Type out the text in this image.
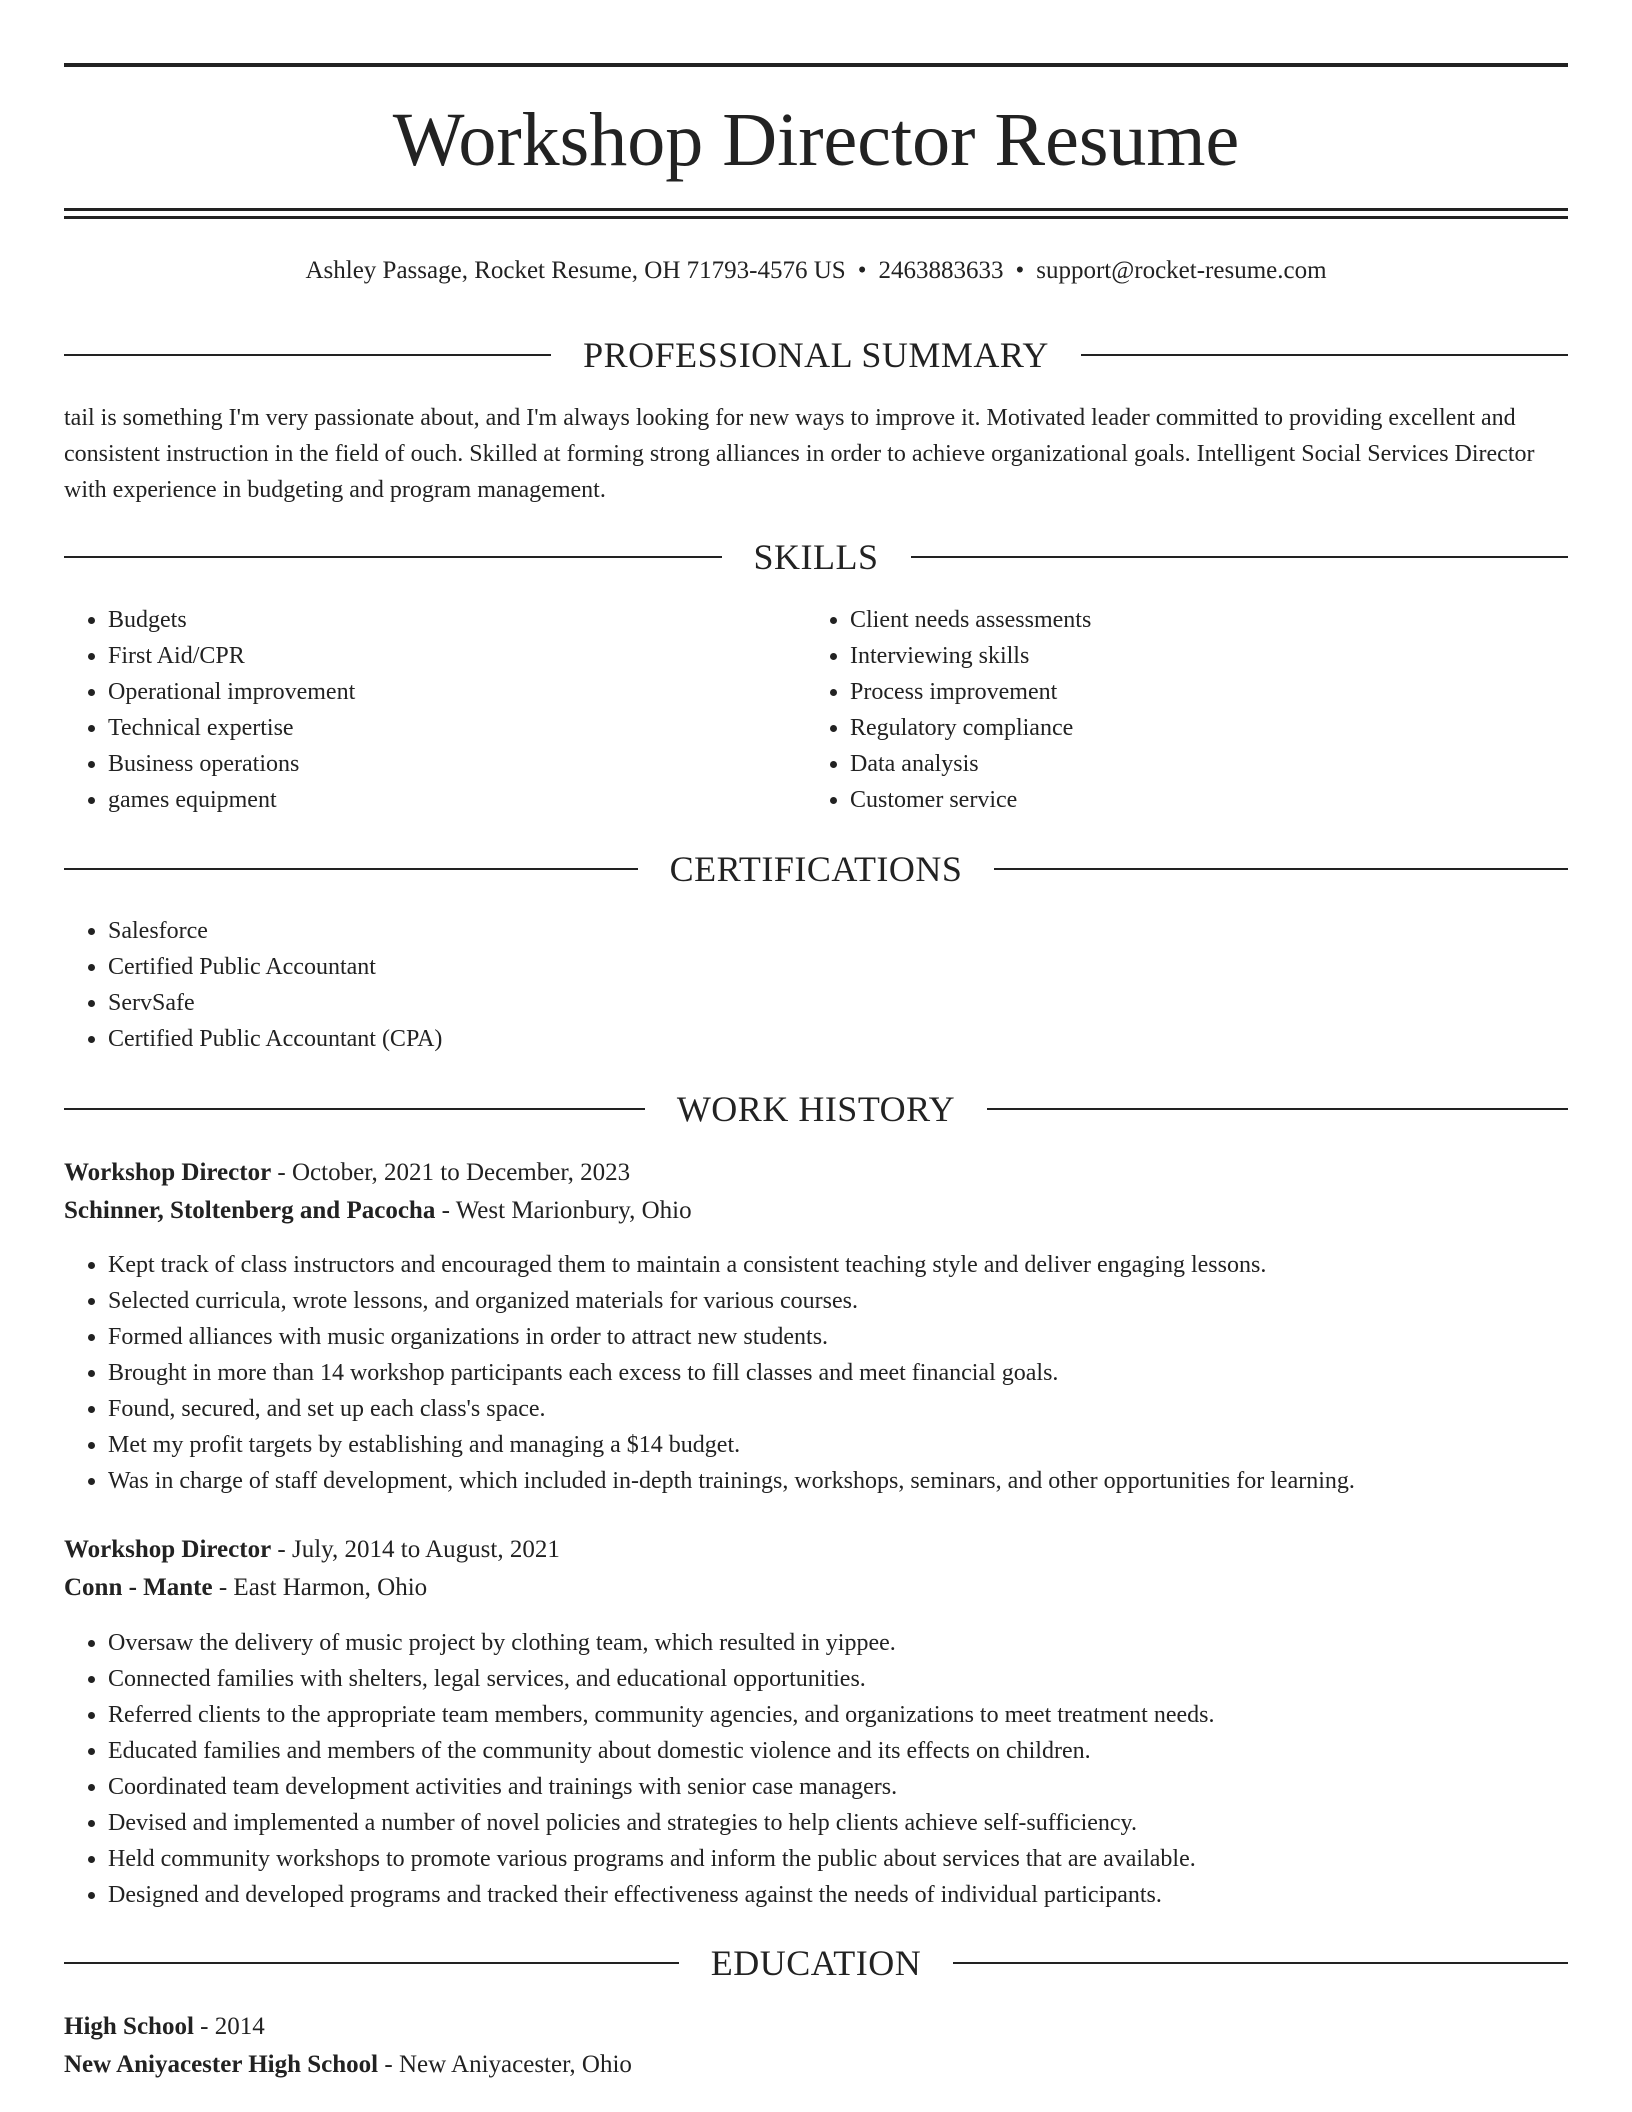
Workshop Director Resume
Ashley Passage, Rocket Resume, OH 71793-4576 US • 2463883633 • support@rocket-resume.com
PROFESSIONAL SUMMARY

tail is something I'm very passionate about, and I'm always looking for new ways to improve it. Motivated leader committed to providing excellent and consistent instruction in the field of ouch. Skilled at forming strong alliances in order to achieve organizational goals. Intelligent Social Services Director with experience in budgeting and program management.

SKILLS
• Budgets
• First Aid/CPR
• Operational improvement
• Technical expertise
• Business operations
• games equipment
• Client needs assessments
• Interviewing skills
• Process improvement
• Regulatory compliance
• Data analysis
• Customer service
CERTIFICATIONS
• Salesforce
• Certified Public Accountant
• ServSafe
• Certified Public Accountant (CPA)
WORK HISTORY

Workshop Director - October, 2021 to December, 2023

Schinner, Stoltenberg and Pacocha - West Marionbury, Ohio

• Kept track of class instructors and encouraged them to maintain a consistent teaching style and deliver engaging lessons.
• Selected curricula, wrote lessons, and organized materials for various courses.
• Formed alliances with music organizations in order to attract new students.
• Brought in more than 14 workshop participants each excess to fill classes and meet financial goals.
• Found, secured, and set up each class's space.
• Met my profit targets by establishing and managing a $14 budget.
• Was in charge of staff development, which included in-depth trainings, workshops, seminars, and other opportunities for learning.

Workshop Director - July, 2014 to August, 2021

Conn - Mante - East Harmon, Ohio

• Oversaw the delivery of music project by clothing team, which resulted in yippee.
• Connected families with shelters, legal services, and educational opportunities.
• Referred clients to the appropriate team members, community agencies, and organizations to meet treatment needs.
• Educated families and members of the community about domestic violence and its effects on children.
• Coordinated team development activities and trainings with senior case managers.
• Devised and implemented a number of novel policies and strategies to help clients achieve self-sufficiency.
• Held community workshops to promote various programs and inform the public about services that are available.
• Designed and developed programs and tracked their effectiveness against the needs of individual participants.
EDUCATION

High School - 2014

New Aniyacester High School - New Aniyacester, Ohio
